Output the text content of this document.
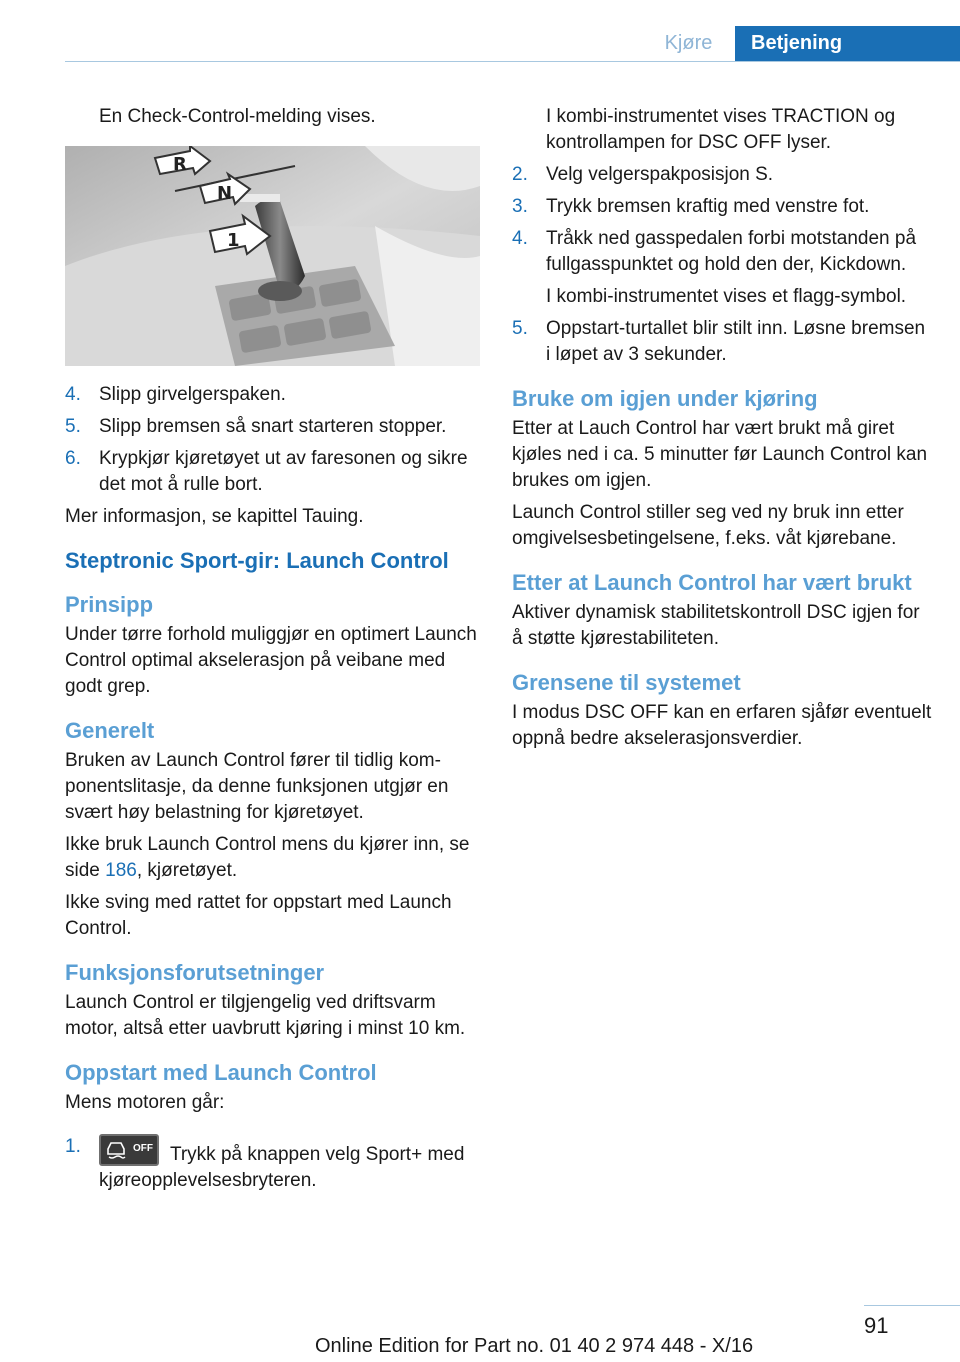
Kjøre	Betjening

En Check-Control-melding vises.

R
N
1
4. Slipp girvelgerspaken.
5. Slipp bremsen så snart starteren stopper.
6. Krypkjør kjøretøyet ut av faresonen og sikre det mot å rulle bort.

Mer informasjon, se kapittel Tauing.

Steptronic Sport-gir: Launch Control
Prinsipp

Under tørre forhold muliggjør en optimert Launch Control optimal akselerasjon på veibane med godt grep.

Generelt

Bruken av Launch Control fører til tidlig komponentslitasje, da denne funksjonen utgjør en svært høy belastning for kjøretøyet.

Ikke bruk Launch Control mens du kjører inn, se side 186, kjøretøyet.

Ikke sving med rattet for oppstart med Launch Control.

Funksjonsforutsetninger

Launch Control er tilgjengelig ved driftsvarm motor, altså etter uavbrutt kjøring i minst 10 km.

Oppstart med Launch Control

Mens motoren går:

1.	OFF Trykk på knappen velg Sport+ med kjøreopplevelsesbryteren.

I kombi-instrumentet vises TRACTION og kontrollampen for DSC OFF lyser.

2. Velg velgerspakposisjon S.
3. Trykk bremsen kraftig med venstre fot.
4. Tråkk ned gasspedalen forbi motstanden på fullgasspunktet og hold den der, Kickdown.

I kombi-instrumentet vises et flagg-symbol.

5. Oppstart-turtallet blir stilt inn. Løsne bremsen i løpet av 3 sekunder.
Bruke om igjen under kjøring

Etter at Lauch Control har vært brukt må giret kjøles ned i ca. 5 minutter før Launch Control kan brukes om igjen.

Launch Control stiller seg ved ny bruk inn etter omgivelsesbetingelsene, f.eks. våt kjørebane.

Etter at Launch Control har vært brukt

Aktiver dynamisk stabilitetskontroll DSC igjen for å støtte kjørestabiliteten.

Grensene til systemet

I modus DSC OFF kan en erfaren sjåfør eventuelt oppnå bedre akselerasjonsverdier.

91
Online Edition for Part no. 01 40 2 974 448 - X/16
